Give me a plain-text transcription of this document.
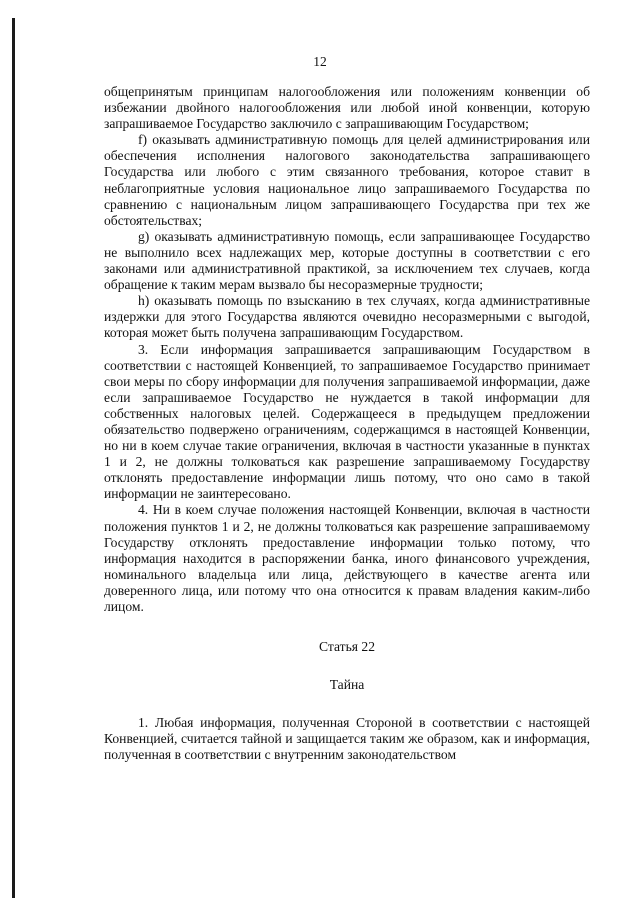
12

общепринятым принципам налогообложения или положениям конвенции об избежании двойного налогообложения или любой иной конвенции, которую запрашиваемое Государство заключило с запрашивающим Государством;

f) оказывать административную помощь для целей администрирования или обеспечения исполнения налогового законодательства запрашивающего Государства или любого с этим связанного требования, которое ставит в неблагоприятные условия национальное лицо запрашиваемого Государства по сравнению с национальным лицом запрашивающего Государства при тех же обстоятельствах;

g) оказывать административную помощь, если запрашивающее Государство не выполнило всех надлежащих мер, которые доступны в соответствии с его законами или административной практикой, за исключением тех случаев, когда обращение к таким мерам вызвало бы несоразмерные трудности;

h) оказывать помощь по взысканию в тех случаях, когда административные издержки для этого Государства являются очевидно несоразмерными с выгодой, которая может быть получена запрашивающим Государством.

3. Если информация запрашивается запрашивающим Государством в соответствии с настоящей Конвенцией, то запрашиваемое Государство принимает свои меры по сбору информации для получения запрашиваемой информации, даже если запрашиваемое Государство не нуждается в такой информации для собственных налоговых целей. Содержащееся в предыдущем предложении обязательство подвержено ограничениям, содержащимся в настоящей Конвенции, но ни в коем случае такие ограничения, включая в частности указанные в пунктах 1 и 2, не должны толковаться как разрешение запрашиваемому Государству отклонять предоставление информации лишь потому, что оно само в такой информации не заинтересовано.

4. Ни в коем случае положения настоящей Конвенции, включая в частности положения пунктов 1 и 2, не должны толковаться как разрешение запрашиваемому Государству отклонять предоставление информации только потому, что информация находится в распоряжении банка, иного финансового учреждения, номинального владельца или лица, действующего в качестве агента или доверенного лица, или потому что она относится к правам владения каким-либо лицом.

Статья 22

Тайна

1. Любая информация, полученная Стороной в соответствии с настоящей Конвенцией, считается тайной и защищается таким же образом, как и информация, полученная в соответствии с внутренним законодательством
